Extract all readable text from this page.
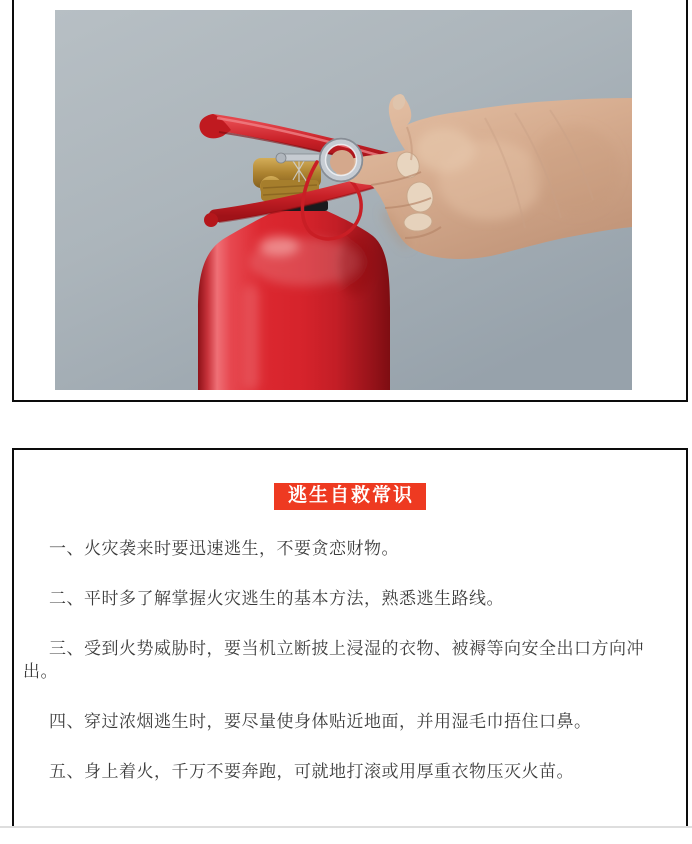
逃生自救常识

一、火灾袭来时要迅速逃生，不要贪恋财物。

二、平时多了解掌握火灾逃生的基本方法，熟悉逃生路线。

三、受到火势威胁时，要当机立断披上浸湿的衣物、被褥等向安全出口方向冲出。

四、穿过浓烟逃生时，要尽量使身体贴近地面，并用湿毛巾捂住口鼻。

五、身上着火，千万不要奔跑，可就地打滚或用厚重衣物压灭火苗。
